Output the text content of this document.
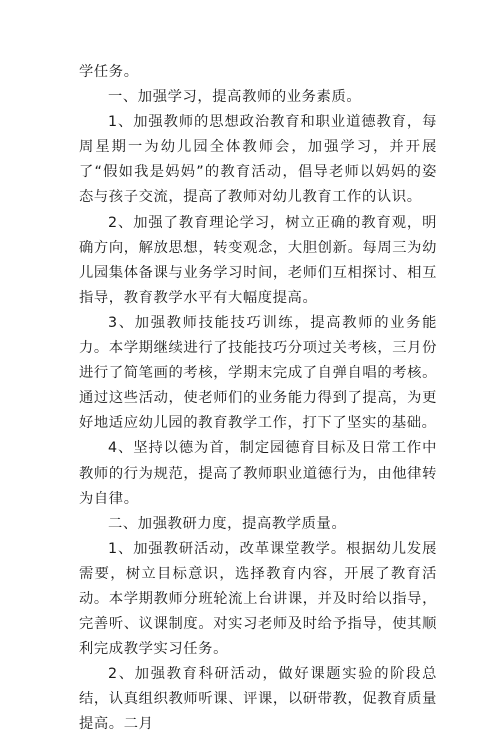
学任务。

一、加强学习，提高教师的业务素质。

1、加强教师的思想政治教育和职业道德教育，每周星期一为幼儿园全体教师会，加强学习，并开展了“假如我是妈妈”的教育活动，倡导老师以妈妈的姿态与孩子交流，提高了教师对幼儿教育工作的认识。

2、加强了教育理论学习，树立正确的教育观，明确方向，解放思想，转变观念，大胆创新。每周三为幼儿园集体备课与业务学习时间，老师们互相探讨、相互指导，教育教学水平有大幅度提高。

3、加强教师技能技巧训练，提高教师的业务能力。本学期继续进行了技能技巧分项过关考核，三月份进行了简笔画的考核，学期末完成了自弹自唱的考核。通过这些活动，使老师们的业务能力得到了提高，为更好地适应幼儿园的教育教学工作，打下了坚实的基础。

4、坚持以德为首，制定园德育目标及日常工作中教师的行为规范，提高了教师职业道德行为，由他律转为自律。

二、加强教研力度，提高教学质量。

1、加强教研活动，改革课堂教学。根据幼儿发展需要，树立目标意识，选择教育内容，开展了教育活动。本学期教师分班轮流上台讲课，并及时给以指导，完善听、议课制度。对实习老师及时给予指导，使其顺利完成教学实习任务。

2、加强教育科研活动，做好课题实验的阶段总结，认真组织教师听课、评课，以研带教，促教育质量提高。二月
